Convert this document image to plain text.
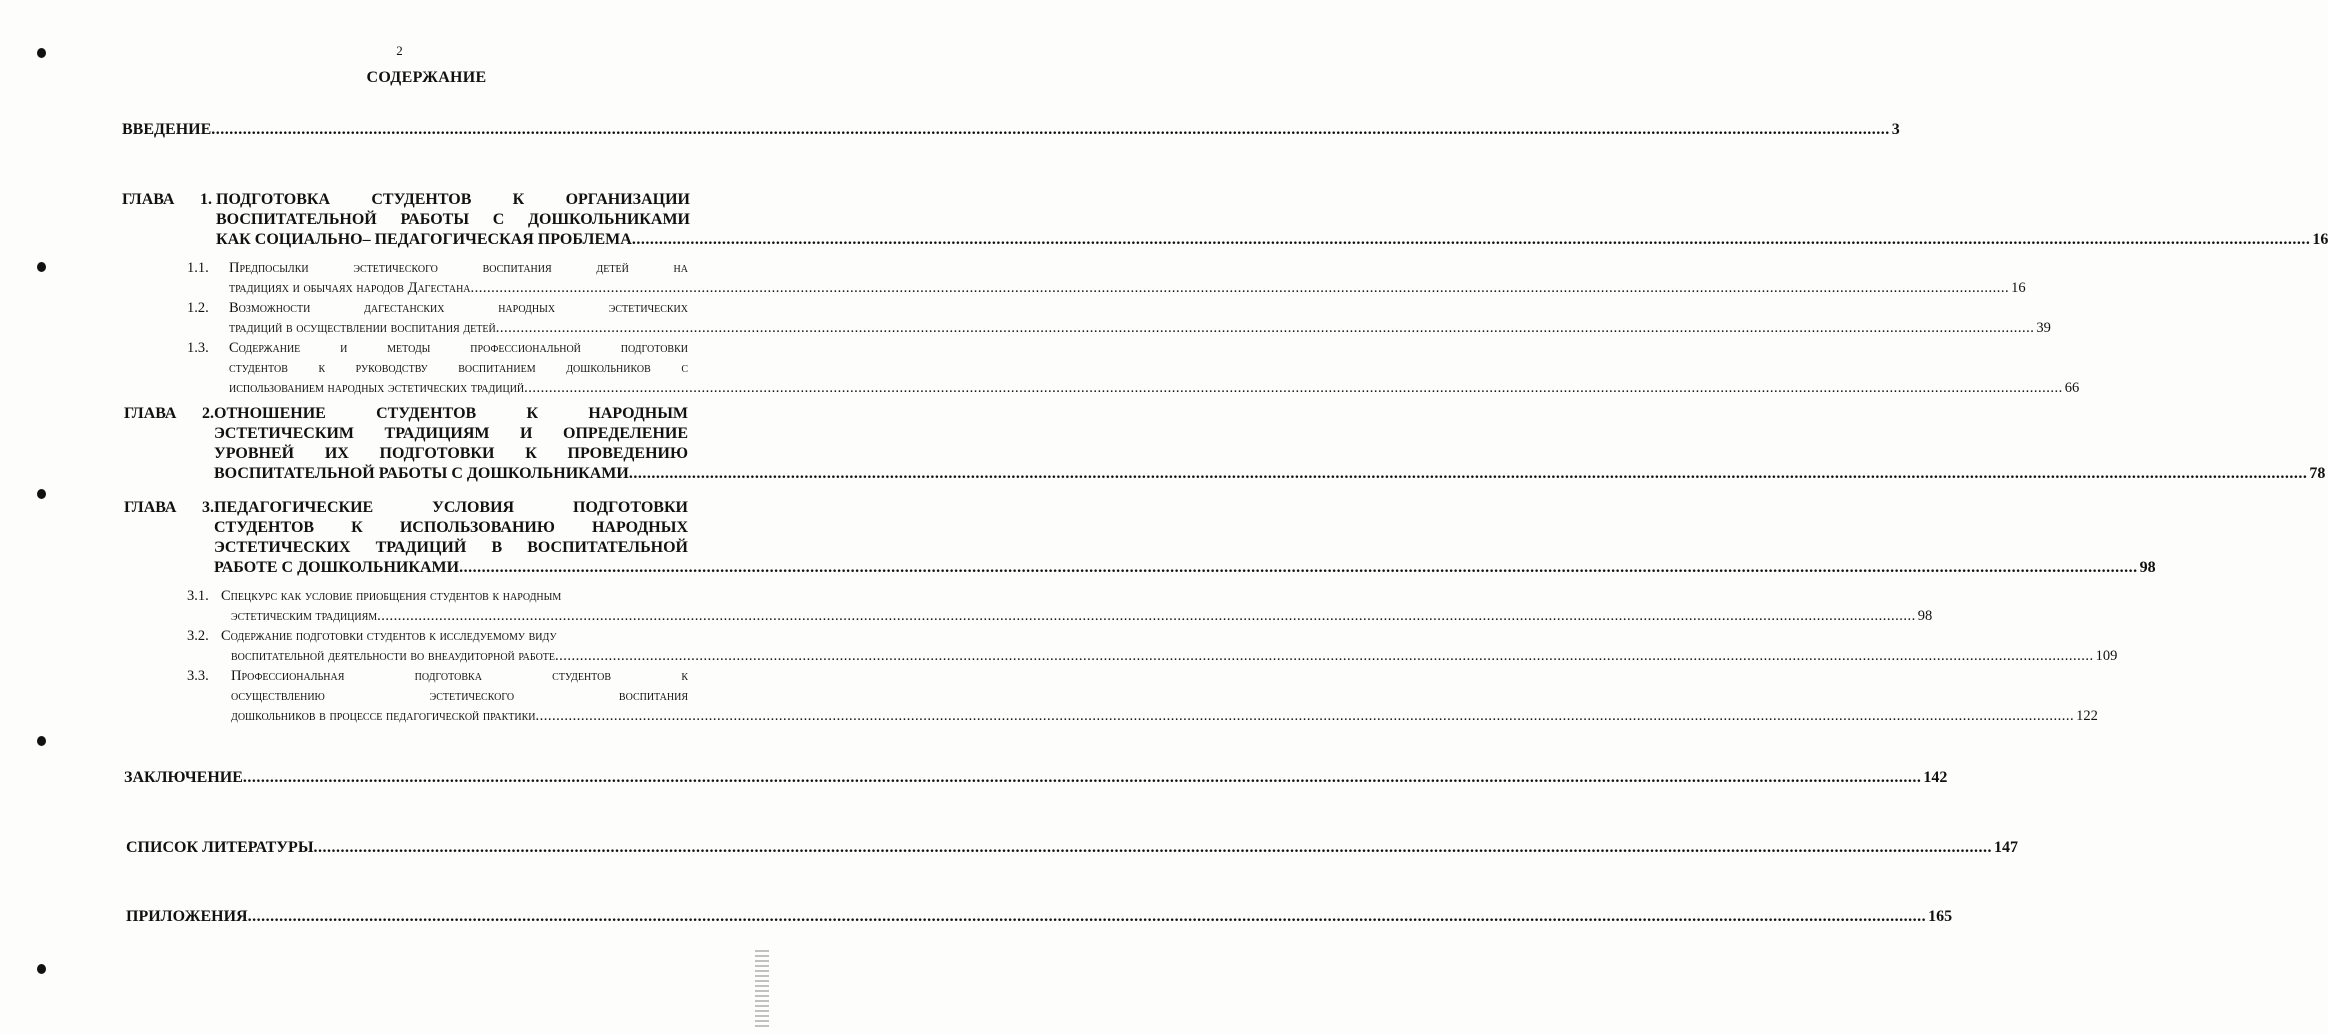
2
СОДЕРЖАНИЕ
ВВЕДЕНИЕ .....	3
ГЛАВА 1. ПОДГОТОВКА СТУДЕНТОВ К ОРГАНИЗАЦИИ
ВОСПИТАТЕЛЬНОЙ РАБОТЫ С ДОШКОЛЬНИКАМИ
КАК СОЦИАЛЬНО– ПЕДАГОГИЧЕСКАЯ ПРОБЛЕМА .....	16
1.1.	Предпосылки эстетического воспитания детей на
традициях и обычаях народов Дагестана .....	16
1.2.	Возможности дагестанских народных эстетических
традиций в осуществлении воспитания детей .....	39
1.3.	Содержание и методы профессиональной подготовки
студентов к руководству воспитанием дошкольников с
использованием народных эстетических традиций .....	66
ГЛАВА 2. ОТНОШЕНИЕ СТУДЕНТОВ К НАРОДНЫМ
ЭСТЕТИЧЕСКИМ ТРАДИЦИЯМ И ОПРЕДЕЛЕНИЕ
УРОВНЕЙ ИХ ПОДГОТОВКИ К ПРОВЕДЕНИЮ
ВОСПИТАТЕЛЬНОЙ РАБОТЫ С ДОШКОЛЬНИКАМИ .....	78
ГЛАВА 3. ПЕДАГОГИЧЕСКИЕ УСЛОВИЯ ПОДГОТОВКИ
СТУДЕНТОВ К ИСПОЛЬЗОВАНИЮ НАРОДНЫХ
ЭСТЕТИЧЕСКИХ ТРАДИЦИЙ В ВОСПИТАТЕЛЬНОЙ
РАБОТЕ С ДОШКОЛЬНИКАМИ .....	98
3.1. Спецкурс как условие приобщения студентов к народным
эстетическим традициям .....	98
3.2. Содержание подготовки студентов к исследуемому виду
воспитательной деятельности во внеаудиторной работе .....	109
3.3.	Профессиональная подготовка студентов к
осуществлению эстетического воспитания
дошкольников в процессе педагогической практики .....	122
ЗАКЛЮЧЕНИЕ .....	142
СПИСОК ЛИТЕРАТУРЫ .....	147
ПРИЛОЖЕНИЯ .....	165
